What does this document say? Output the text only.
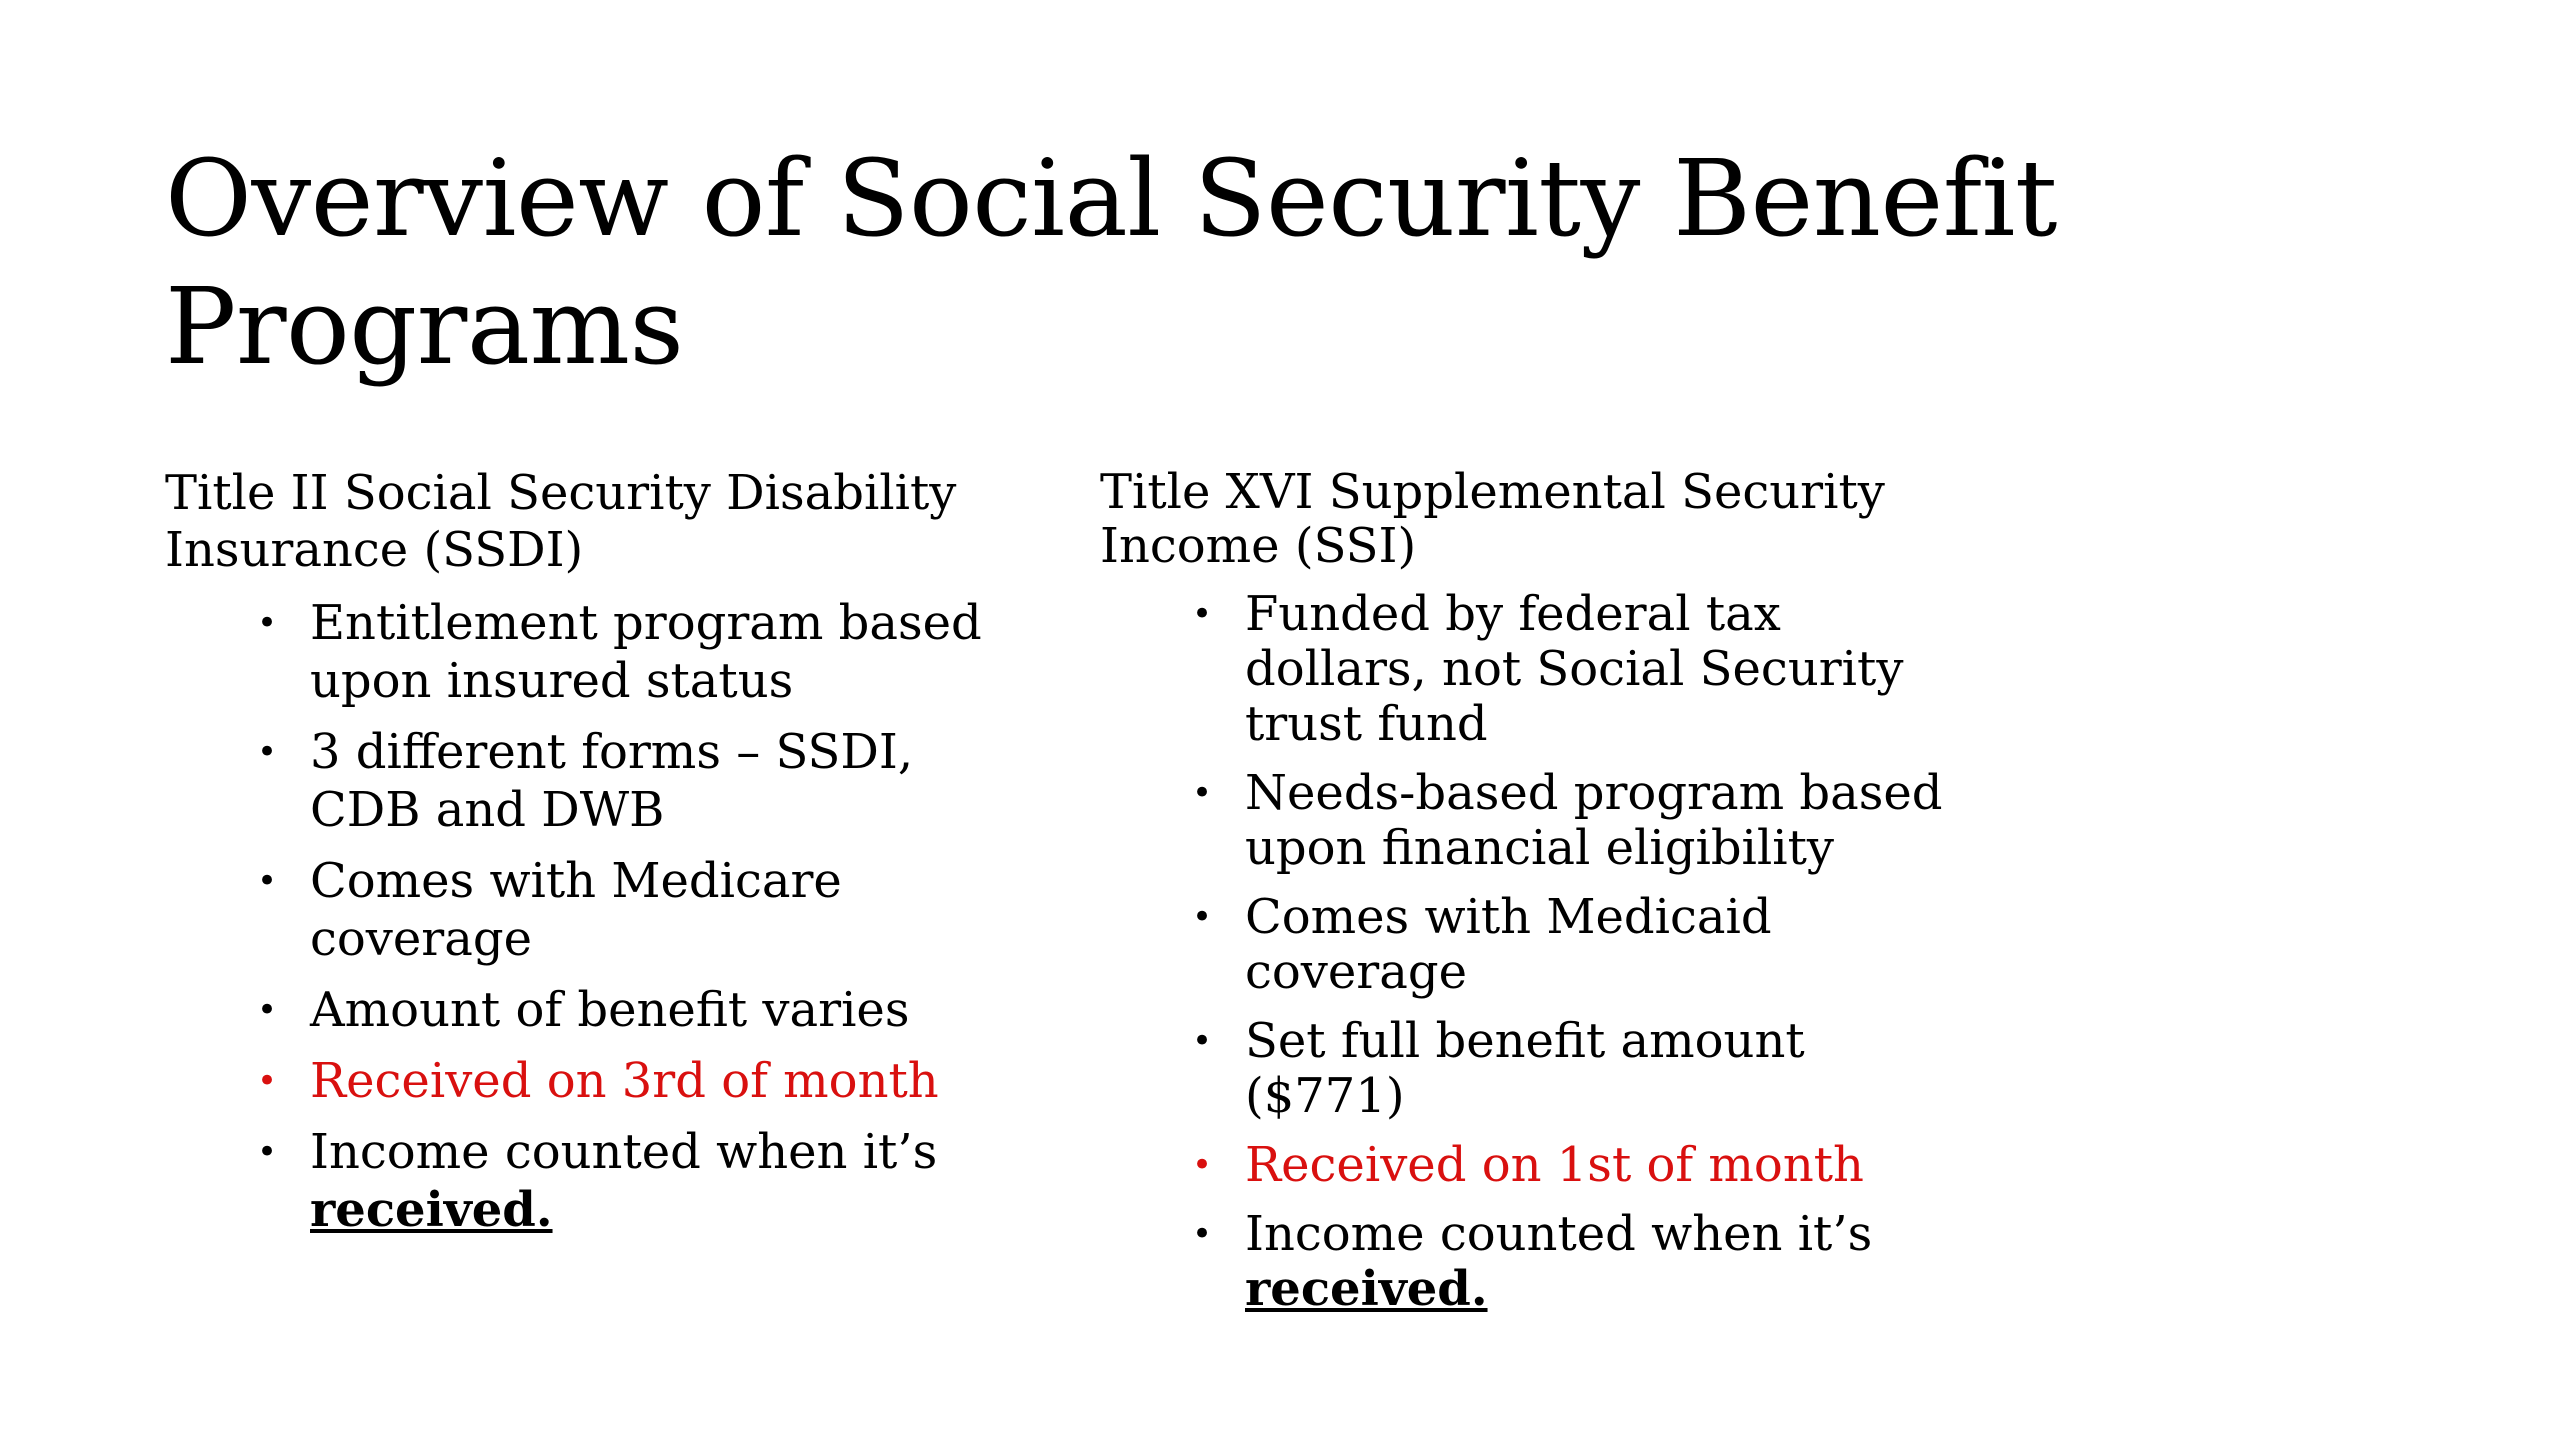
Overview of Social Security Benefit Programs
Title II Social Security Disability Insurance (SSDI)
• Entitlement program based upon insured status
• 3 different forms – SSDI, CDB and DWB
• Comes with Medicare coverage
• Amount of benefit varies
• Received on 3rd of month
• Income counted when it’s
received.
Title XVI Supplemental Security Income (SSI)
• Funded by federal tax dollars, not Social Security trust fund
• Needs-based program based upon financial eligibility
• Comes with Medicaid coverage
• Set full benefit amount ($771)
• Received on 1st of month
• Income counted when it’s
received.
